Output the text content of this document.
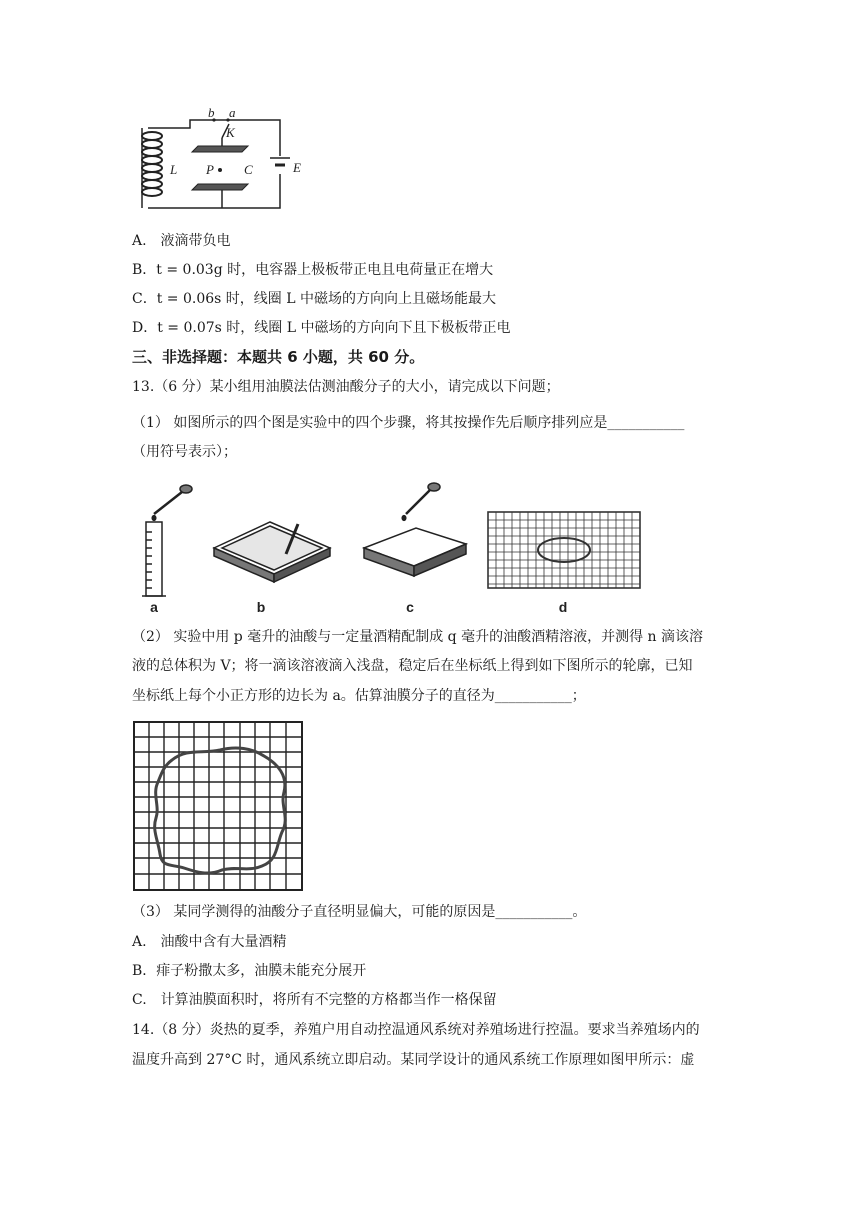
b a
K
L P C	E
A.　液滴带负电
B．t = 0.03g 时，电容器上极板带正电且电荷量正在增大
C．t = 0.06s 时，线圈 L 中磁场的方向向上且磁场能最大
D．t = 0.07s 时，线圈 L 中磁场的方向向下且下极板带正电
三、非选择题：本题共 6 小题，共 60 分。
13.（6 分）某小组用油膜法估测油酸分子的大小，请完成以下问题；
（1） 如图所示的四个图是实验中的四个步骤，将其按操作先后顺序排列应是___________
（用符号表示）；
a	b	c	d
（2） 实验中用 p 毫升的油酸与一定量酒精配制成 q 毫升的油酸酒精溶液，并测得 n 滴该溶
液的总体积为 V；将一滴该溶液滴入浅盘，稳定后在坐标纸上得到如下图所示的轮廓，已知
坐标纸上每个小正方形的边长为 a。估算油膜分子的直径为___________；
（3） 某同学测得的油酸分子直径明显偏大，可能的原因是___________。
A.　油酸中含有大量酒精
B．痱子粉撒太多，油膜未能充分展开
C.　计算油膜面积时，将所有不完整的方格都当作一格保留
14.（8 分）炎热的夏季，养殖户用自动控温通风系统对养殖场进行控温。要求当养殖场内的
温度升高到 27°C 时，通风系统立即启动。某同学设计的通风系统工作原理如图甲所示：虚
